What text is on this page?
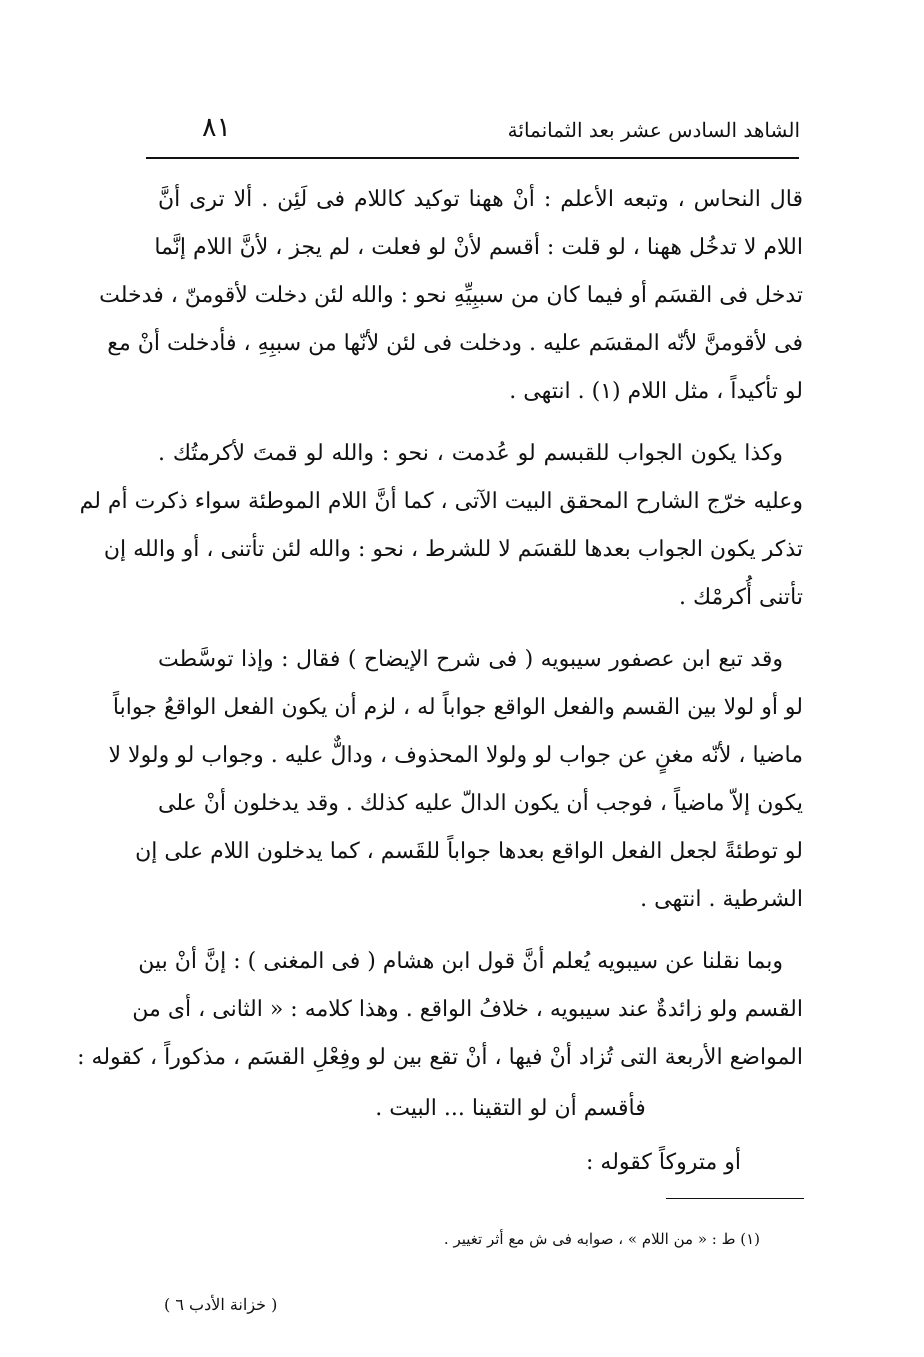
الشاهد السادس عشر بعد الثمانمائة
٨١
قال النحاس ، وتبعه الأعلم : أنْ ههنا توكيد كاللام فى لَئِن . ألا ترى أنَّ
اللام لا تدخُل ههنا ، لو قلت : أقسم لأنْ لو فعلت ، لم يجز ، لأنَّ اللام إنَّما
تدخل فى القسَم أو فيما كان من سببِيِّهِ نحو : والله لئن دخلت لأقومنّ ، فدخلت
فى لأقومنَّ لأنّه المقسَم عليه . ودخلت فى لئن لأنّها من سببِهِ ، فأدخلت أنْ مع
لو تأكيداً ، مثل اللام (١) . انتهى .
وكذا يكون الجواب للقبسم لو عُدمت ، نحو : والله لو قمتَ لأكرمتُك .
وعليه خرّج الشارح المحقق البيت الآتى ، كما أنَّ اللام الموطئة سواء ذكرت أم لم
تذكر يكون الجواب بعدها للقسَم لا للشرط ، نحو : والله لئن تأتنى ، أو والله إن
تأتنى أُكرمْك .
وقد تبع ابن عصفور سيبويه ( فى شرح الإيضاح ) فقال : وإذا توسَّطت
لو أو لولا بين القسم والفعل الواقع جواباً له ، لزم أن يكون الفعل الواقعُ جواباً
ماضيا ، لأنّه مغنٍ عن جواب لو ولولا المحذوف ، ودالٌّ عليه . وجواب لو ولولا لا
يكون إلاّ ماضياً ، فوجب أن يكون الدالّ عليه كذلك . وقد يدخلون أنْ على
لو توطئةً لجعل الفعل الواقع بعدها جواباً للقَسم ، كما يدخلون اللام على إن
الشرطية . انتهى .
وبما نقلنا عن سيبويه يُعلم أنَّ قول ابن هشام ( فى المغنى ) : إنَّ أنْ بين
القسم ولو زائدةٌ عند سيبويه ، خلافُ الواقع . وهذا كلامه : « الثانى ، أى من
المواضع الأربعة التى تُزاد أنْ فيها ، أنْ تقع بين لو وفِعْلِ القسَم ، مذكوراً ، كقوله :
فأقسم أن لو التقينا ... البيت .
أو متروكاً كقوله :
(١) ط : « من اللام » ، صوابه فى ش مع أثر تغيير .
( خزانة الأدب ٦ )
